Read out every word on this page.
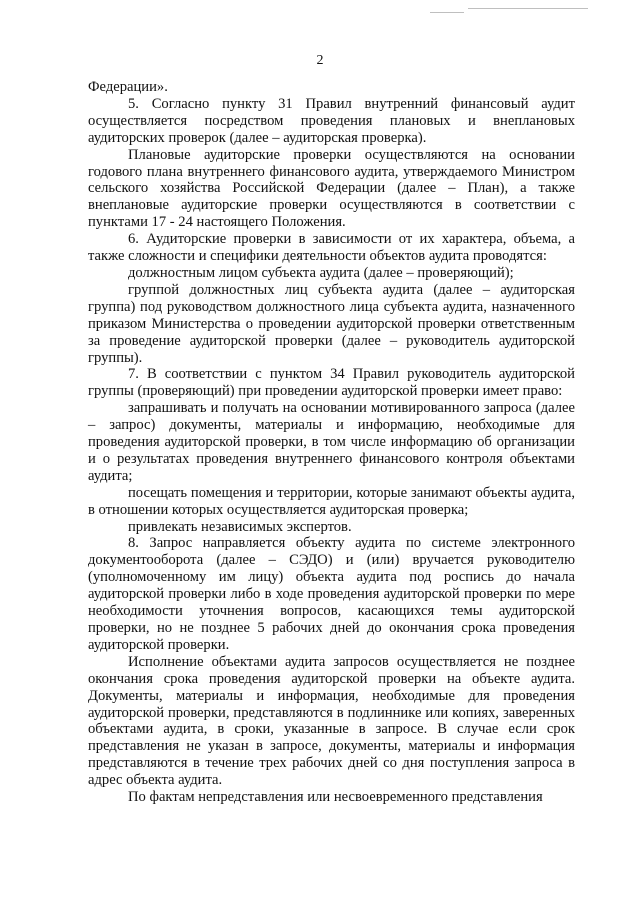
2

Федерации».

5. Согласно пункту 31 Правил внутренний финансовый аудит осуществляется посредством проведения плановых и внеплановых аудиторских проверок (далее – аудиторская проверка).

Плановые аудиторские проверки осуществляются на основании годового плана внутреннего финансового аудита, утверждаемого Министром сельского хозяйства Российской Федерации (далее – План), а также внеплановые аудиторские проверки осуществляются в соответствии с пунктами 17 - 24 настоящего Положения.

6. Аудиторские проверки в зависимости от их характера, объема, а также сложности и специфики деятельности объектов аудита проводятся:

должностным лицом субъекта аудита (далее – проверяющий);

группой должностных лиц субъекта аудита (далее – аудиторская группа) под руководством должностного лица субъекта аудита, назначенного приказом Министерства о проведении аудиторской проверки ответственным за проведение аудиторской проверки (далее – руководитель аудиторской группы).

7. В соответствии с пунктом 34 Правил руководитель аудиторской группы (проверяющий) при проведении аудиторской проверки имеет право:

запрашивать и получать на основании мотивированного запроса (далее – запрос) документы, материалы и информацию, необходимые для проведения аудиторской проверки, в том числе информацию об организации и о результатах проведения внутреннего финансового контроля объектами аудита;

посещать помещения и территории, которые занимают объекты аудита, в отношении которых осуществляется аудиторская проверка;

привлекать независимых экспертов.

8. Запрос направляется объекту аудита по системе электронного документооборота (далее – СЭДО) и (или) вручается руководителю (уполномоченному им лицу) объекта аудита под роспись до начала аудиторской проверки либо в ходе проведения аудиторской проверки по мере необходимости уточнения вопросов, касающихся темы аудиторской проверки, но не позднее 5 рабочих дней до окончания срока проведения аудиторской проверки.

Исполнение объектами аудита запросов осуществляется не позднее окончания срока проведения аудиторской проверки на объекте аудита. Документы, материалы и информация, необходимые для проведения аудиторской проверки, представляются в подлиннике или копиях, заверенных объектами аудита, в сроки, указанные в запросе. В случае если срок представления не указан в запросе, документы, материалы и информация представляются в течение трех рабочих дней со дня поступления запроса в адрес объекта аудита.

По фактам непредставления или несвоевременного представления
